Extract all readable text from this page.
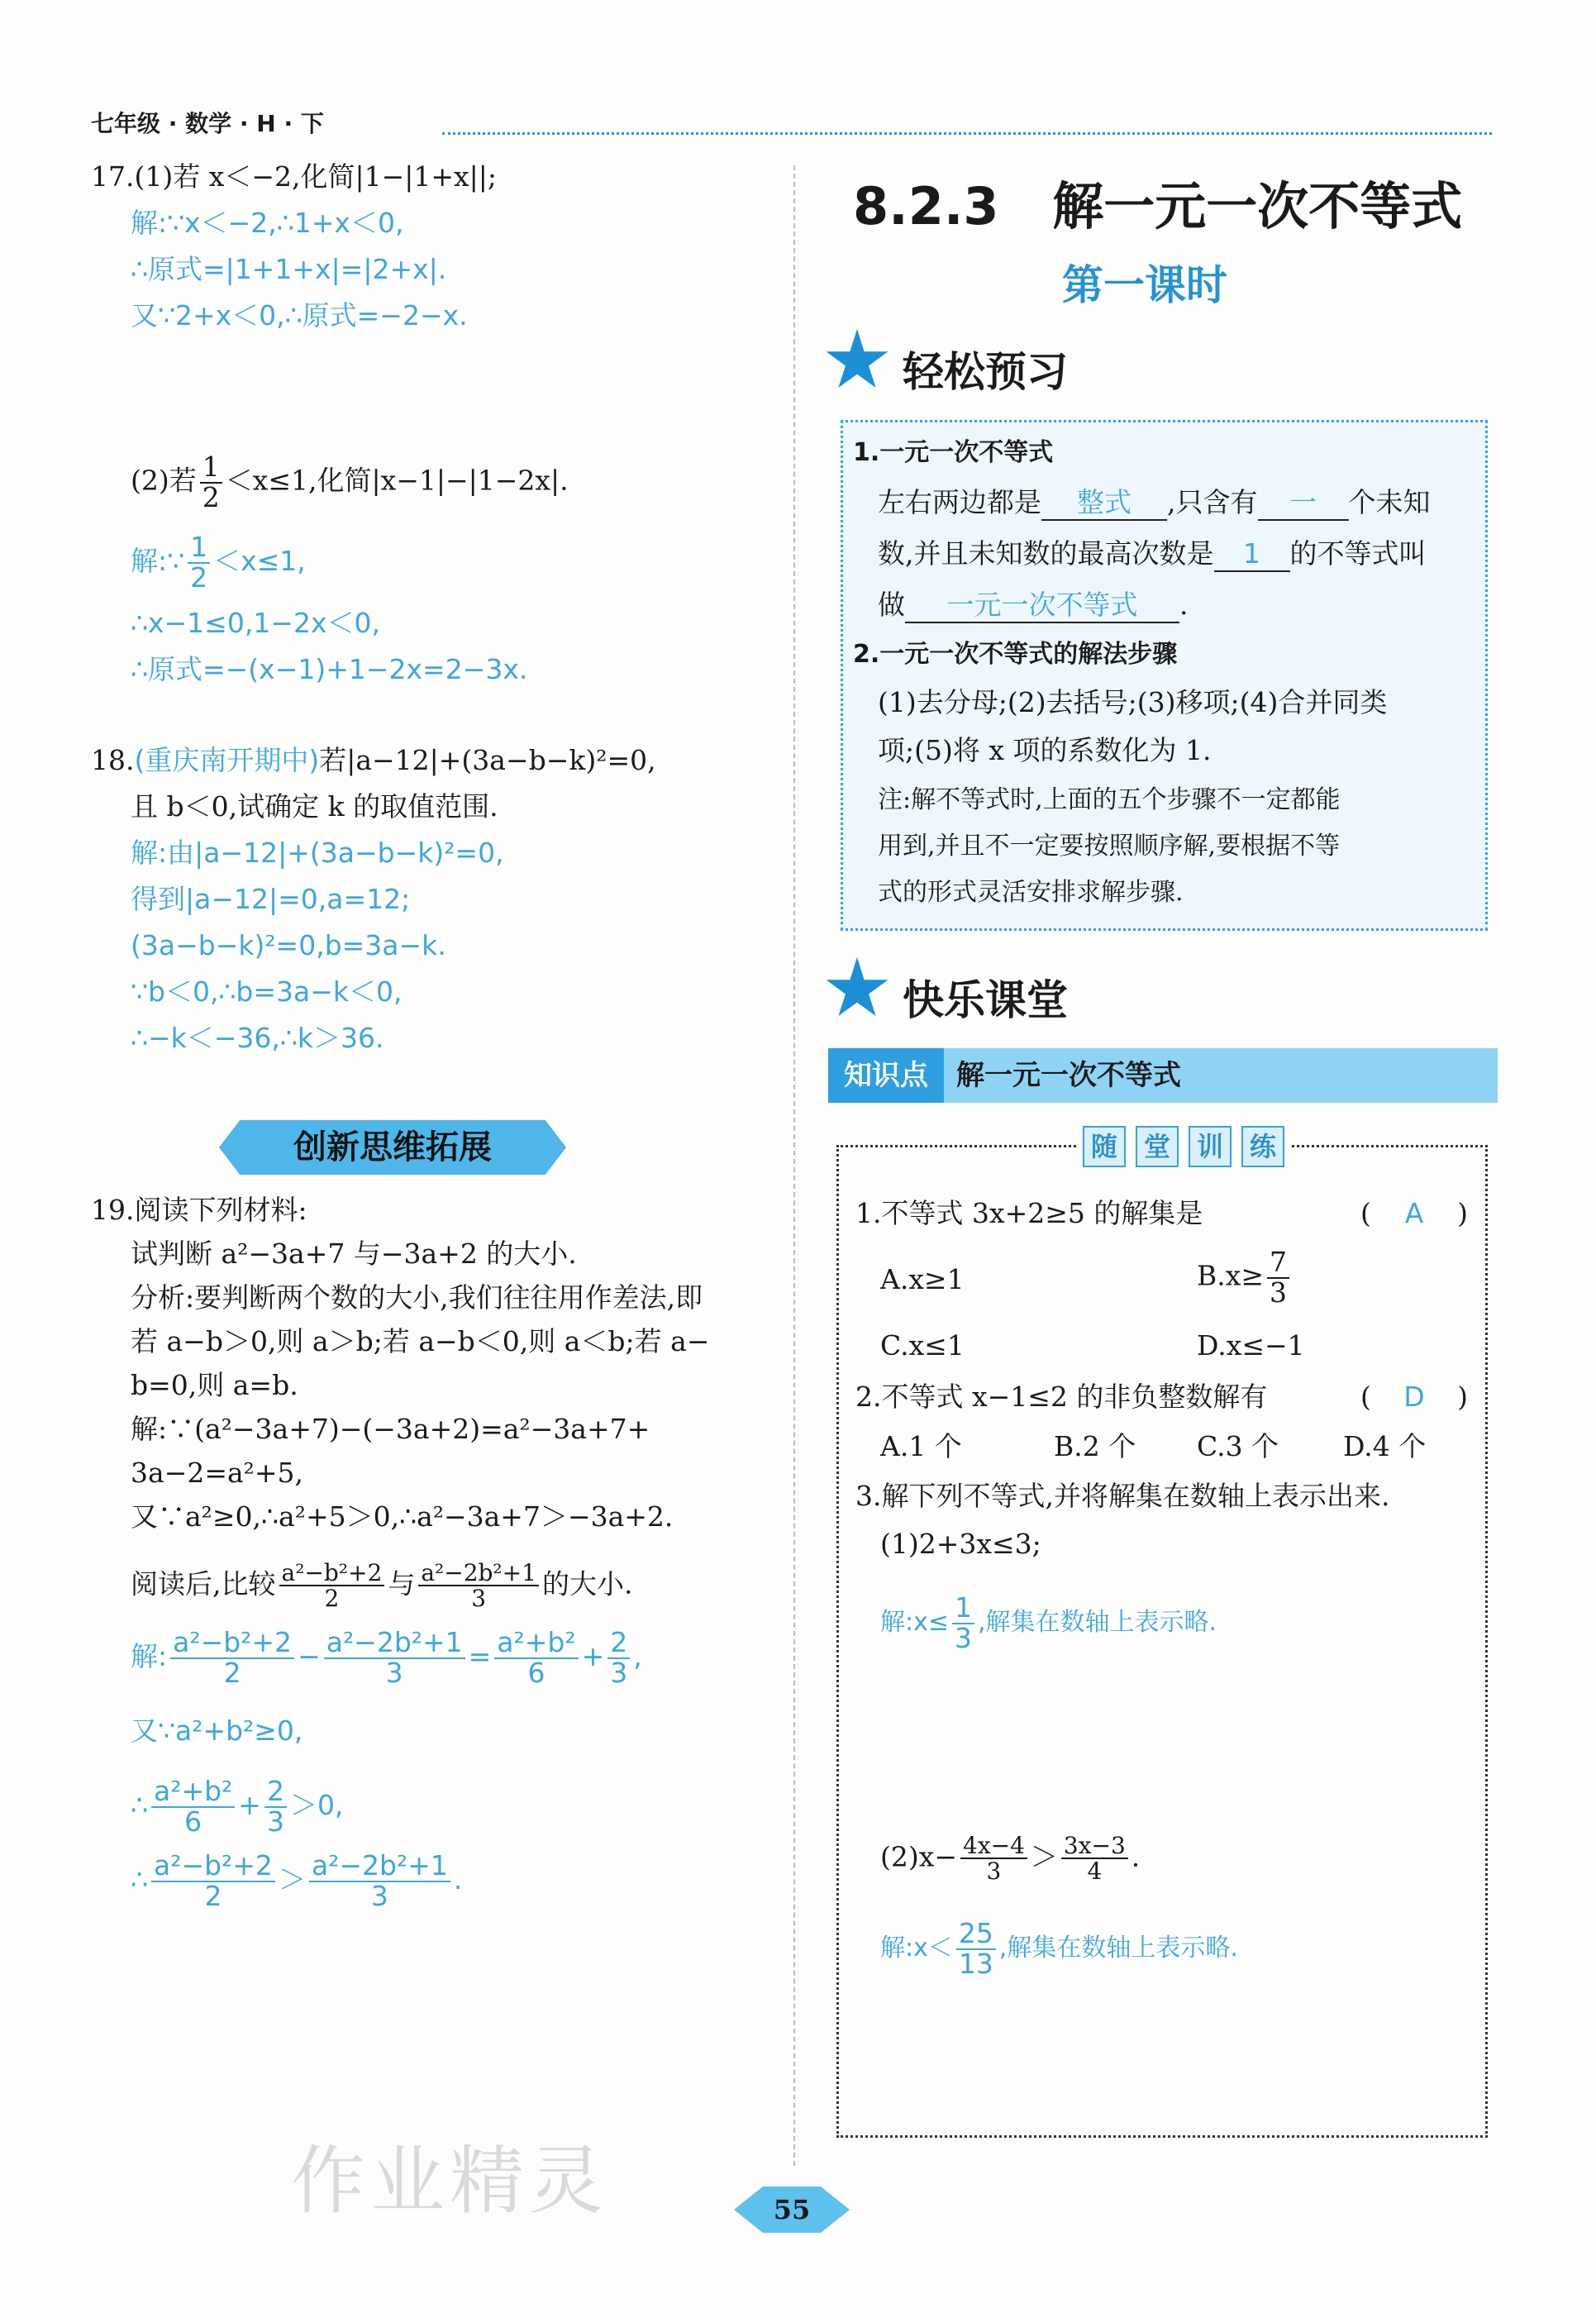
七年级 · 数学 · H · 下
17.(1)若 x＜−2,化简|1−|1+x||;
解:∵x＜−2,∴1+x＜0,
∴原式=|1+1+x|=|2+x|.
又∵2+x＜0,∴原式=−2−x.
(2)若 $\frac{1}{2} <x\le 1$,化简|x−1|−|1−2x|.
解:∵ $\frac{1}{2} <x\le 1$,
∴x−1≤0,1−2x＜0,
∴原式=−(x−1)+1−2x=2−3x.
18.(重庆南开期中)若|a−12|+(3a−b−k)²=0,
且 b＜0,试确定 k 的取值范围.
解:由|a−12|+(3a−b−k)²=0,
得到|a−12|=0,a=12;
(3a−b−k)²=0,b=3a−k.
∵b＜0,∴b=3a−k＜0,
∴−k＜−36,∴k＞36.
创新思维拓展
19.阅读下列材料:
试判断 a²−3a+7 与−3a+2 的大小.
分析:要判断两个数的大小,我们往往用作差法,即
若 a−b＞0,则 a＞b;若 a−b＜0,则 a＜b;若 a−
b=0,则 a=b.
解:∵(a²−3a+7)−(−3a+2)=a²−3a+7+
3a−2=a²+5,
又∵a²≥0,∴a²+5＞0,∴a²−3a+7＞−3a+2.
阅读后,比较 $\frac{\text{a²−b²+2}}{2}$ 与 $\frac{\text{a²−2b²+1}}{3}$ 的大小.
解: $\frac{\text{a²−b²+2}}{2} - \frac{\text{a²−2b²+1}}{3} = \frac{\text{a²+b²}}{6} + \frac{2}{3}$ ,
又∵a²+b²≥0,
∴ $\frac{\text{a²+b²}}{6} + \frac{2}{3} >0$,
∴ $\frac{\text{a²−b²+2}}{2} > \frac{\text{a²−2b²+1}}{3}$ .
作业精灵
8.2.3   解一元一次不等式
第一课时
轻松预习
1.一元一次不等式
左右两边都是 整式 ,只含有 一 个未知
数,并且未知数的最高次数是 1 的不等式叫
做 一元一次不等式 .
2.一元一次不等式的解法步骤
(1)去分母;(2)去括号;(3)移项;(4)合并同类
项;(5)将 x 项的系数化为 1.
注:解不等式时,上面的五个步骤不一定都能
用到,并且不一定要按照顺序解,要根据不等
式的形式灵活安排求解步骤.
快乐课堂
知识点	解一元一次不等式
随 堂 训 练
1.不等式 3x+2≥5 的解集是	( A )
A.x≥1	$B.x\ge \frac{7}{3}$
C.x≤1	D.x≤−1
2.不等式 x−1≤2 的非负整数解有	( D )
A.1 个	B.2 个 C.3 个 D.4 个
3.解下列不等式,并将解集在数轴上表示出来.
(1)2+3x≤3;
解:x≤ $\frac{1}{3}$ ,解集在数轴上表示略.
$(2)x- \frac{4x-4}{3} > \frac{3x-3}{4}$ .
解:x＜ $\frac{25}{13}$ ,解集在数轴上表示略.
55
